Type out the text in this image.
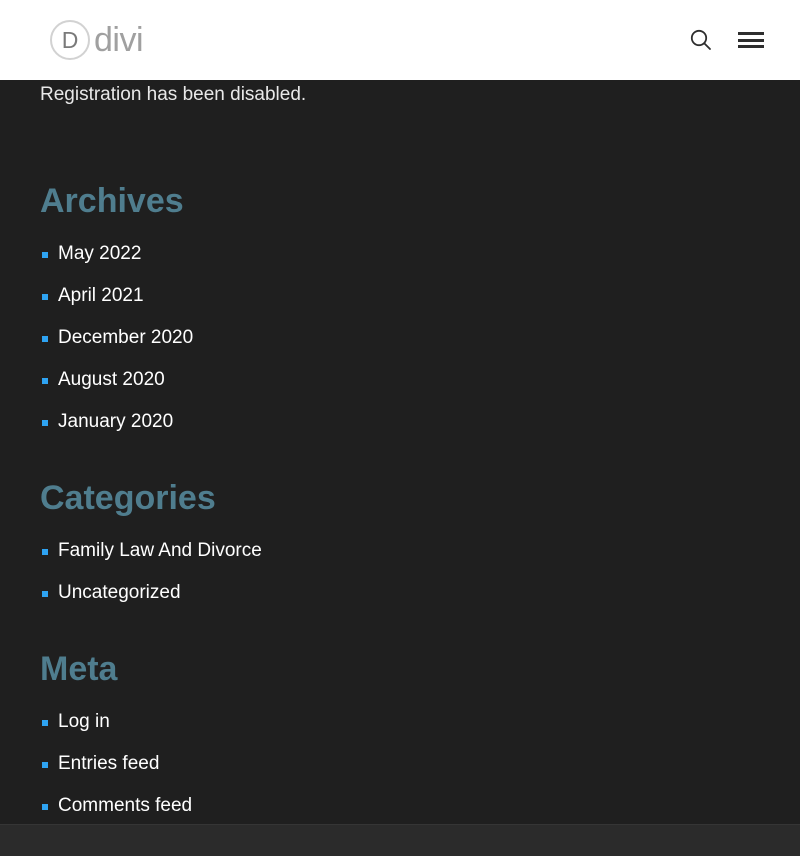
D divi
Registration has been disabled.
Archives
May 2022
April 2021
December 2020
August 2020
January 2020
Categories
Family Law And Divorce
Uncategorized
Meta
Log in
Entries feed
Comments feed
